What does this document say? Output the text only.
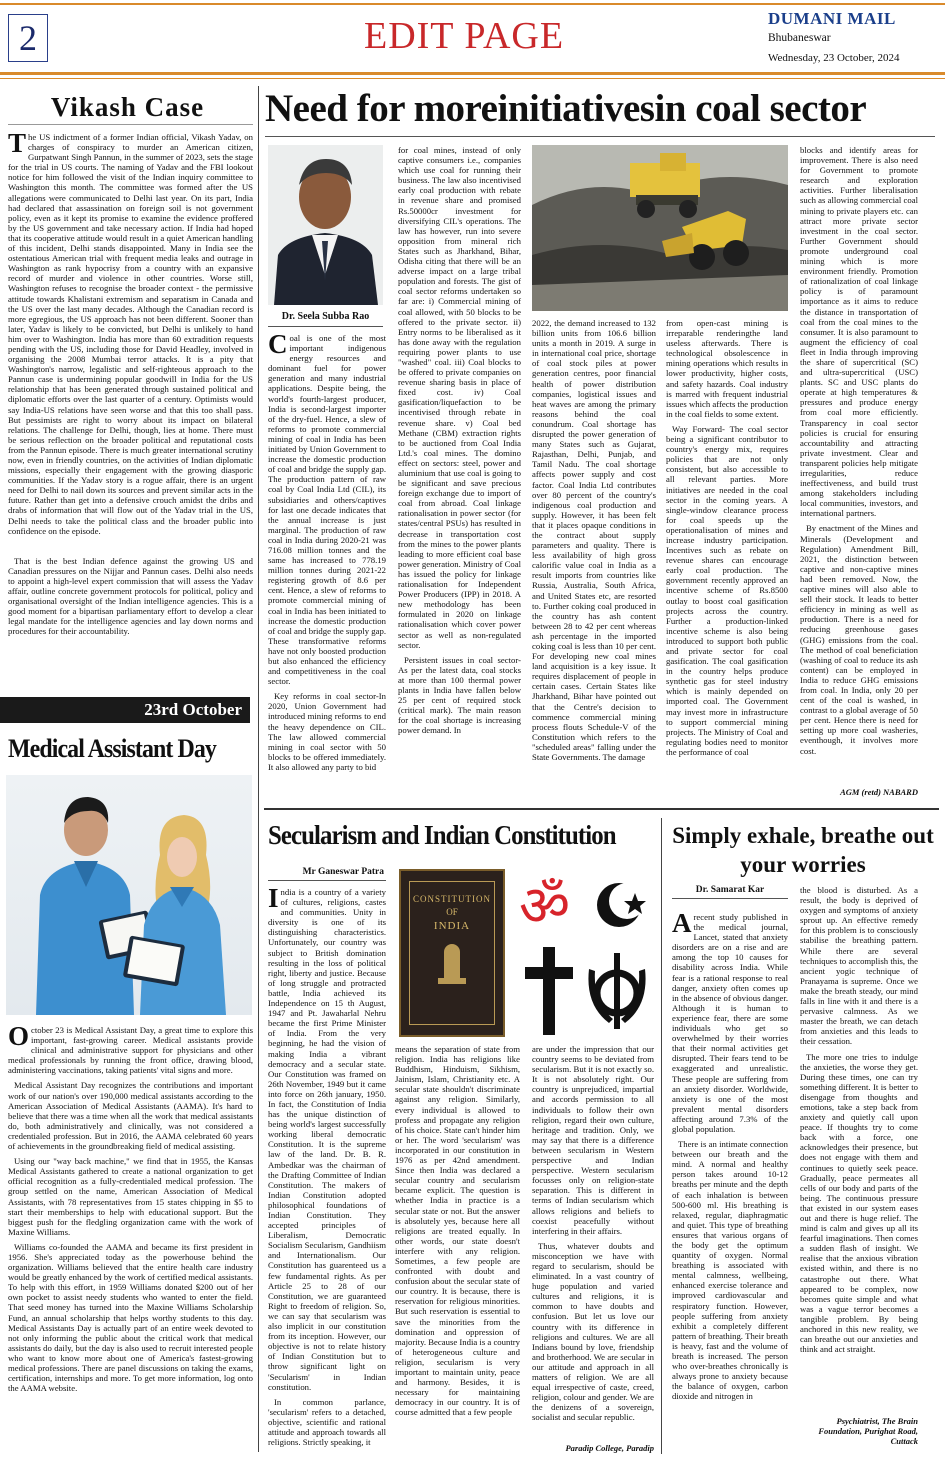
2	EDIT PAGE	DUMANI MAIL
Bhubaneswar
Wednesday, 23 October, 2024
Vikash Case

The US indictment of a former Indian official, Vikash Yadav, on charges of conspiracy to murder an American citizen, Gurpatwant Singh Pannun, in the summer of 2023, sets the stage for the trial in US courts. The naming of Yadav and the FBI lookout notice for him followed the visit of the Indian inquiry committee to Washington this month. The committee was formed after the US allegations were communicated to Delhi last year. On its part, India had declared that assassination on foreign soil is not government policy, even as it kept its promise to examine the evidence proffered by the US government and take necessary action. If India had hoped that its cooperative attitude would result in a quiet American handling of this incident, Delhi stands disappointed. Many in India see the ostentatious American trial with frequent media leaks and outrage in Washington as rank hypocrisy from a country with an expansive record of murder and violence in other countries. Worse still, Washington refuses to recognise the broader context - the permissive attitude towards Khalistani extremism and separatism in Canada and the US over the last many decades. Although the Canadian record is more egregious, the US approach has not been different. Sooner than later, Yadav is likely to be convicted, but Delhi is unlikely to hand him over to Washington. India has more than 60 extradition requests pending with the US, including those for David Headley, involved in organising the 2008 Mumbai terror attacks. It is a pity that Washington's narrow, legalistic and self-righteous approach to the Pannun case is undermining popular goodwill in India for the US relationship that has been generated through sustained political and diplomatic efforts over the last quarter of a century. Optimists would say India-US relations have seen worse and that this too shall pass. But pessimists are right to worry about its impact on bilateral relations. The challenge for Delhi, though, lies at home. There must be serious reflection on the broader political and reputational costs from the Pannun episode. There is much greater international scrutiny now, even in friendly countries, on the activities of Indian diplomatic missions, especially their engagement with the growing diasporic communities. If the Yadav story is a rogue affair, there is an urgent need for Delhi to nail down its sources and prevent similar acts in the future. Rather than get into a defensive crouch amidst the dribs and drabs of information that will flow out of the Yadav trial in the US, Delhi needs to take the political class and the broader public into confidence on the episode.

That is the best Indian defence against the growing US and Canadian pressures on the Nijjar and Pannun cases. Delhi also needs to appoint a high-level expert commission that will assess the Yadav affair, outline concrete government protocols for political, policy and organisational oversight of the Indian intelligence agencies. This is a good moment for a bipartisan parliamentary effort to develop a clear legal mandate for the intelligence agencies and lay down norms and procedures for their accountability.

23rd October
Medical Assistant Day

October 23 is Medical Assistant Day, a great time to explore this important, fast-growing career. Medical assistants provide clinical and administrative support for physicians and other medical professionals by running the front office, drawing blood, administering vaccinations, taking patients' vital signs and more.

Medical Assistant Day recognizes the contributions and important work of our nation's over 190,000 medical assistants according to the American Association of Medical Assistants (AAMA). It's hard to believe that there was a time when all the work that medical assistants do, both administratively and clinically, was not considered a credentialed profession. But in 2016, the AAMA celebrated 60 years of achievements in the groundbreaking field of medical assisting.

Using our "way back machine," we find that in 1955, the Kansas Medical Assistants gathered to create a national organization to get official recognition as a fully-credentialed medical profession. The group settled on the name, American Association of Medical Assistants, with 78 representatives from 15 states chipping in $5 to start their memberships to help with educational support. But the biggest push for the fledgling organization came with the work of Maxine Williams.

Williams co-founded the AAMA and became its first president in 1956. She's appreciated today as the powerhouse behind the organization. Williams believed that the entire health care industry would be greatly enhanced by the work of certified medical assistants. To help with this effort, in 1959 Williams donated $200 out of her own pocket to assist needy students who wanted to enter the field. That seed money has turned into the Maxine Williams Scholarship Fund, an annual scholarship that helps worthy students to this day. Medical Assistants Day is actually part of an entire week devoted to not only informing the public about the critical work that medical assistants do daily, but the day is also used to recruit interested people who want to know more about one of America's fastest-growing medical professions. There are panel discussions on taking the exams, certification, internships and more. To get more information, log onto the AAMA website.

Need for moreinitiativesin coal sector
Dr. Seela Subba Rao

Coal is one of the most important indigenous energy resources and dominant fuel for power generation and many industrial applications. Despite being, the world's fourth-largest producer, India is second-largest importer of the dry-fuel. Hence, a slew of reforms to promote commercial mining of coal in India has been initiated by Union Government to increase the domestic production of coal and bridge the supply gap. The production pattern of raw coal by Coal India Ltd (CIL), its subsidiaries and others/captives for last one decade indicates that the annual increase is just marginal. The production of raw coal in India during 2020-21 was 716.08 million tonnes and the same has increased to 778.19 million tonnes during 2021-22 registering growth of 8.6 per cent. Hence, a slew of reforms to promote commercial mining of coal in India has been initiated to increase the domestic production of coal and bridge the supply gap. These transformative reforms have not only boosted production but also enhanced the efficiency and competitiveness in the coal sector.

Key reforms in coal sector-In 2020, Union Government had introduced mining reforms to end the heavy dependence on CIL. The law allowed commercial mining in coal sector with 50 blocks to be offered immediately. It also allowed any party to bid

for coal mines, instead of only captive consumers i.e., companies which use coal for running their business. The law also incentivised early coal production with rebate in revenue share and promised Rs.50000cr investment for diversifying CIL's operations. The law has however, run into severe opposition from mineral rich States such as Jharkhand, Bihar, Odisha citing that there will be an adverse impact on a large tribal population and forests. The gist of coal sector reforms undertaken so far are: i) Commercial mining of coal allowed, with 50 blocks to be offered to the private sector. ii) Entry norms to be liberalised as it has done away with the regulation requiring power plants to use "washed" coal. iii) Coal blocks to be offered to private companies on revenue sharing basis in place of fixed cost. iv) Coal gasification/liquefaction to be incentivised through rebate in revenue share. v) Coal bed Methane (CBM) extraction rights to be auctioned from Coal India Ltd.'s coal mines. The domino effect on sectors: steel, power and aluminium that use coal is going to be significant and save precious foreign exchange due to import of coal from abroad. Coal linkage rationalisation in power sector (for states/central PSUs) has resulted in decrease in transportation cost from the mines to the power plants leading to more efficient coal base power generation. Ministry of Coal has issued the policy for linkage rationalisation for Independent Power Producers (IPP) in 2018. A new methodology has been formulated in 2020 on linkage rationalisation which cover power sector as well as non-regulated sector.

Persistent issues in coal sector-As per the latest data, coal stocks at more than 100 thermal power plants in India have fallen below 25 per cent of required stock (critical mark). The main reason for the coal shortage is increasing power demand. In

2022, the demand increased to 132 billion units from 106.6 billion units a month in 2019. A surge in in international coal price, shortage of coal stock piles at power generation centres, poor financial health of power distribution companies, logistical issues and heat waves are among the primary reasons behind the coal conundrum. Coal shortage has disrupted the power generation of many States such as Gujarat, Rajasthan, Delhi, Punjab, and Tamil Nadu. The coal shortage affects power supply and cost factor. Coal India Ltd contributes over 80 percent of the country's indigenous coal production and supply. However, it has been felt that it places opaque conditions in the contract about supply parameters and quality. There is less availability of high gross calorific value coal in India as a result imports from countries like Russia, Australia, South Africa, and United States etc, are resorted to. Further coking coal produced in the country has ash content between 28 to 42 per cent whereas ash percentage in the imported coking coal is less than 10 per cent. For developing new coal mines land acquisition is a key issue. It requires displacement of people in certain cases. Certain States like Jharkhand, Bihar have pointed out that the Centre's decision to commence commercial mining process flouts Schedule-V of the Constitution which refers to the "scheduled areas" falling under the State Governments. The damage

from open-cast mining is irreparable renderingthe land useless afterwards. There is technological obsolescence in mining operations which results in lower productivity, higher costs, and safety hazards. Coal industry is marred with frequent industrial issues which affects the production in the coal fields to some extent.

Way Forward- The coal sector being a significant contributor to country's energy mix, requires policies that are not only consistent, but also accessible to all relevant parties. More initiatives are needed in the coal sector in the coming years. A single-window clearance process for coal speeds up the operationalisation of mines and increase industry participation. Incentives such as rebate on revenue shares can encourage early coal production. The government recently approved an incentive scheme of Rs.8500 outlay to boost coal gasification projects across the country. Further a production-linked incentive scheme is also being introduced to support both public and private sector for coal gasification. The coal gasification in the country helps produce synthetic gas for steel industry which is mainly depended on imported coal. The Government may invest more in infrastructure to support commercial mining projects. The Ministry of Coal and regulating bodies need to monitor the performance of coal

blocks and identify areas for improvement. There is also need for Government to promote research and exploration activities. Further liberalisation such as allowing commercial coal mining to private players etc. can attract more private sector investment in the coal sector. Further Government should promote underground coal mining which is more environment friendly. Promotion of rationalization of coal linkage policy is of paramount importance as it aims to reduce the distance in transportation of coal from the coal mines to the consumer. It is also paramount to augment the efficiency of coal fleet in India through improving the share of supercritical (SC) and ultra-supercritical (USC) plants. SC and USC plants do operate at high temperatures & pressures and produce energy from coal more efficiently. Transparency in coal sector policies is crucial for ensuring accountability and attracting private investment. Clear and transparent policies help mitigate irregularities, reduce ineffectiveness, and build trust among stakeholders including local communities, investors, and international partners.

By enactment of the Mines and Minerals (Development and Regulation) Amendment Bill, 2021, the distinction between captive and non-captive mines had been removed. Now, the captive mines will also able to sell their stock. It leads to better efficiency in mining as well as production. There is a need for reducing greenhouse gases (GHG) emissions from the coal. The method of coal beneficiation (washing of coal to reduce its ash content) can be employed in India to reduce GHG emissions from coal. In India, only 20 per cent of the coal is washed, in contrast to a global average of 50 per cent. Hence there is need for setting up more coal washeries, eventhough, it involves more cost.

AGM (retd) NABARD
Secularism and Indian Constitution
Mr Ganeswar Patra

India is a country of a variety of cultures, religions, castes and communities. Unity in diversity is one of its distinguishing characteristics. Unfortunately, our country was subject to British domination resulting in the loss of political right, liberty and justice. Because of long struggle and protracted battle, India achieved its Independence on 15 th August, 1947 and Pt. Jawaharlal Nehru became the first Prime Minister of India. From the very beginning, he had the vision of making India a vibrant democracy and a secular state. Our Constitution was framed on 26th November, 1949 but it came into force on 26th january, 1950. In fact, the Constitution of India has the unique distinction of being world's largest successfully working liberal democratic Constitution. It is the supreme law of the land. Dr. B. R. Ambedkar was the chairman of the Drafting Committee of Indian Constitution. The makers of Indian Constitution adopted philosophical foundations of Indian Constitution. They accepted principles of Liberalism, Democratic Socialism Secularism, Gandhiism and Internationalism. Our Constitution has guarenteed us a few fundamental rights. As per Article 25 to 28 of our Constitution, we are guaranteed Right to freedom of religion. So, we can say that secularism was also implicit in our constitution from its inception. However, our objective is not to relate history of Indian Constitution but to throw significant light on 'Secularism' in Indian constitution.

In common parlance, 'secularism' refers to a detached, objective, scientific and rational attitude and approach towards all religions. Strictly speaking, it

CONSTITUTION
OF
INDIA ॐ

means the separation of state from religion. India has religions like Buddhism, Hinduism, Sikhism, Jainism, Islam, Christianity etc. A secular state shouldn't discriminate against any religion. Similarly, every individual is allowed to profess and propagate any religion of his choice. State can't hinder him or her. The word 'secularism' was incorporated in our constitution in 1976 as per 42nd amendment. Since then India was declared a secular country and secularism became explicit. The question is whether India in practice is a secular state or not. But the answer is absolutely yes, because here all religions are treated equally. In other words, our state doesn't interfere with any religion. Sometimes, a few people are confronted with doubt and confusion about the secular state of our country. It is because, there is reservation for religious minorities. But such reservation is essential to save the minorities from the domination and oppression of majority. Because India is a country of heterogeneous culture and religion, secularism is very important to maintain unity, peace and harmony. Besides, it is necessary for maintaining democracy in our country. It is of course admitted that a few people

are under the impression that our country seems to be deviated from secularism. But it is not exactly so. It is not absolutely right. Our country is unprejudiced, impartial and accords permission to all individuals to follow their own religion, regard their own culture, heritage and tradition. Only, we may say that there is a difference between secularism in Western perspective and Indian perspective. Western secularism focusses only on religion-state separation. This is different in terms of Indian secularism which allows religions and beliefs to coexist peacefully without interfering in their affairs.

Thus, whatever doubts and misconception we have with regard to secularism, should be eliminated. In a vast country of huge population and varied cultures and religions, it is common to have doubts and confusion. But let us love our country with its difference in religions and cultures. We are all Indians bound by love, friendship and brotherhood. We are secular in our attitude and approach in all matters of religion. We are all equal irrespective of caste, creed, religion, colour and gender. We are the denizens of a sovereign, socialist and secular republic.

Paradip College, Paradip
Simply exhale, breathe out your worries
Dr. Samarat Kar

Arecent study published in the medical journal, Lancet, stated that anxiety disorders are on a rise and are among the top 10 causes for disability across India. While fear is a rational response to real danger, anxiety often comes up in the absence of obvious danger. Although it is human to experience fear, there are some individuals who get so overwhelmed by their worries that their normal activities get disrupted. Their fears tend to be exaggerated and unrealistic. These people are suffering from an anxiety disorder. Worldwide, anxiety is one of the most prevalent mental disorders affecting around 7.3% of the global population.

There is an intimate connection between our breath and the mind. A normal and healthy person takes around 10-12 breaths per minute and the depth of each inhalation is between 500-600 ml. His breathing is relaxed, regular, diaphragmatic and quiet. This type of breathing ensures that various organs of the body get the optimum quantity of oxygen. Normal breathing is associated with mental calmness, wellbeing, enhanced exercise tolerance and improved cardiovascular and respiratory function. However, people suffering from anxiety exhibit a completely different pattern of breathing. Their breath is heavy, fast and the volume of breath is increased. The person who over-breathes chronically is always prone to anxiety because the balance of oxygen, carbon dioxide and nitrogen in

the blood is disturbed. As a result, the body is deprived of oxygen and symptoms of anxiety sprout up. An effective remedy for this problem is to consciously stabilise the breathing pattern. While there are several techniques to accomplish this, the ancient yogic technique of Pranayama is supreme. Once we make the breath steady, our mind falls in line with it and there is a pervasive calmness. As we master the breath, we can detach from anxieties and this leads to their cessation.

The more one tries to indulge the anxieties, the worse they get. During these times, one can try something different. It is better to disengage from thoughts and emotions, take a step back from anxiety and quietly call upon peace. If thoughts try to come back with a force, one acknowledges their presence, but does not engage with them and continues to quietly seek peace. Gradually, peace permeates all cells of our body and parts of the being. The continuous pressure that existed in our system eases out and there is huge relief. The mind is calm and gives up all its fearful imaginations. Then comes a sudden flash of insight. We realise that the anxious vibration existed within, and there is no catastrophe out there. What appeared to be complex, now becomes quite simple and what was a vague terror becomes a tangible problem. By being anchored in this new reality, we can breathe out our anxieties and think and act straight.

Psychiatrist, The Brain Foundation, Purighat Road, Cuttack
